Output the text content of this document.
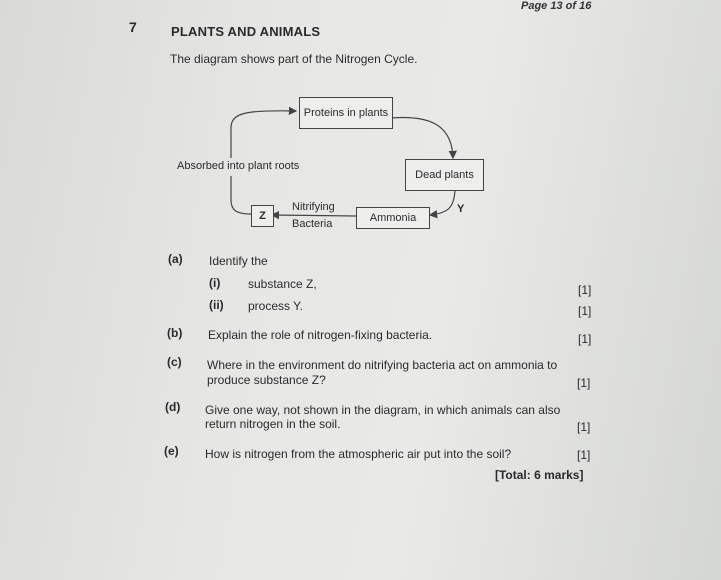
Page 13 of 16
7	PLANTS AND ANIMALS
The diagram shows part of the Nitrogen Cycle.
Proteins in plants
Dead plants
Ammonia
Z
Absorbed into plant roots
Nitrifying
Bacteria
Y
(a) Identify the
(i) substance Z,	[1]
(ii) process Y.	[1]
(b) Explain the role of nitrogen-fixing bacteria.	[1]
(c) Where in the environment do nitrifying bacteria act on ammonia to
produce substance Z?	[1]
(d) Give one way, not shown in the diagram, in which animals can also
return nitrogen in the soil.	[1]
(e) How is nitrogen from the atmospheric air put into the soil?	[1]
[Total: 6 marks]
